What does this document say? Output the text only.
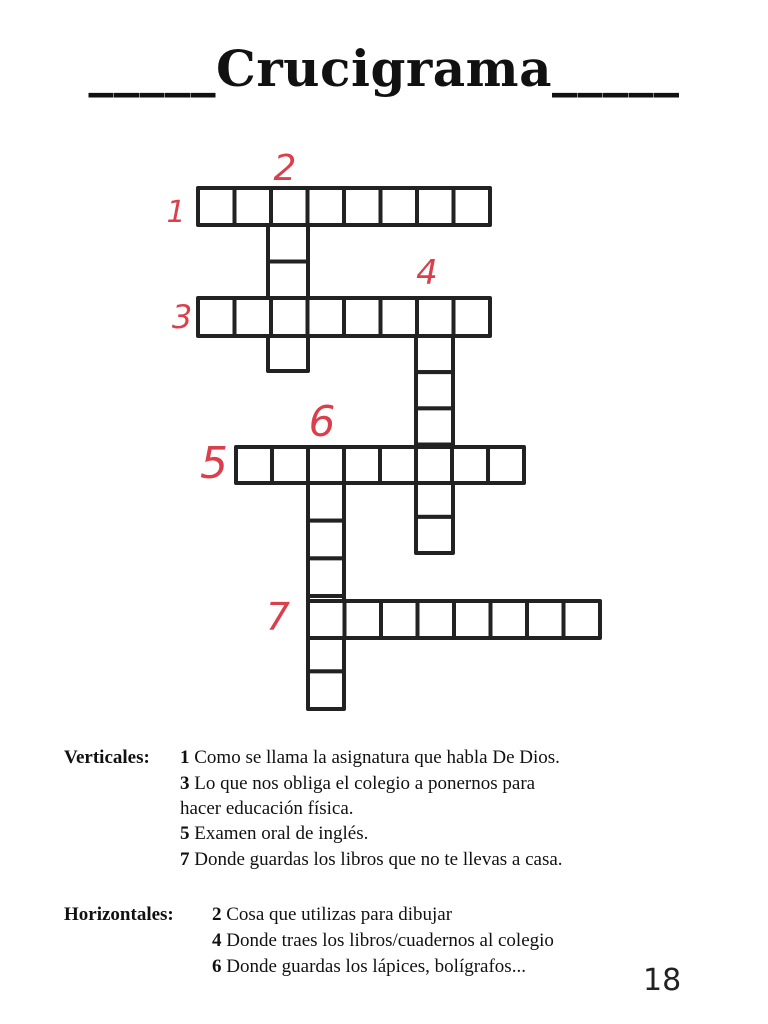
_____Crucigrama_____
1
2
3
4
5
6
7
Verticales: 1 Como se llama la asignatura que habla De Dios.
3 Lo que nos obliga el colegio a ponernos para
hacer educación física.
5 Examen oral de inglés.
7 Donde guardas los libros que no te llevas a casa.
Horizontales: 2 Cosa que utilizas para dibujar
4 Donde traes los libros/cuadernos al colegio
6 Donde guardas los lápices, bolígrafos...	18
